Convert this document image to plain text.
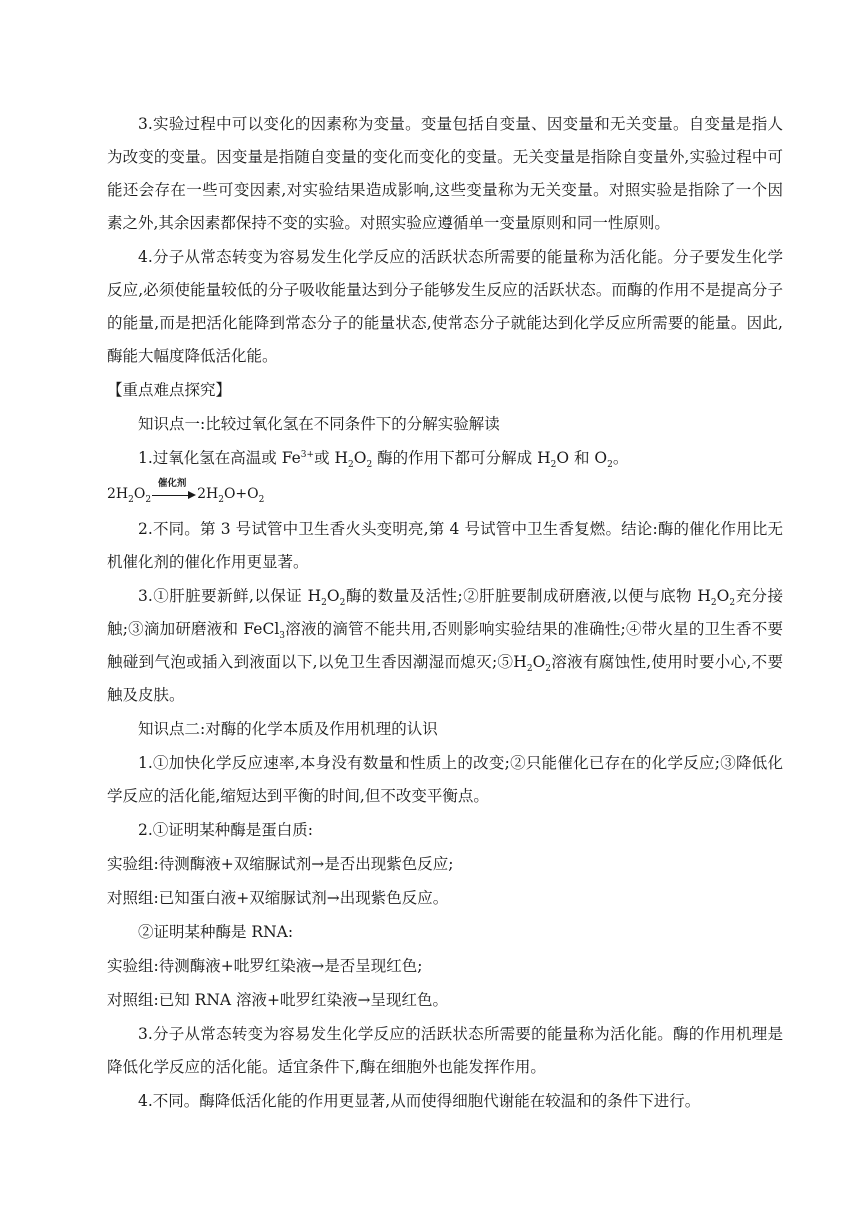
3.实验过程中可以变化的因素称为变量。变量包括自变量、因变量和无关变量。自变量是指人为改变的变量。因变量是指随自变量的变化而变化的变量。无关变量是指除自变量外,实验过程中可能还会存在一些可变因素,对实验结果造成影响,这些变量称为无关变量。对照实验是指除了一个因素之外,其余因素都保持不变的实验。对照实验应遵循单一变量原则和同一性原则。

4.分子从常态转变为容易发生化学反应的活跃状态所需要的能量称为活化能。分子要发生化学反应,必须使能量较低的分子吸收能量达到分子能够发生反应的活跃状态。而酶的作用不是提高分子的能量,而是把活化能降到常态分子的能量状态,使常态分子就能达到化学反应所需要的能量。因此,酶能大幅度降低活化能。

【重点难点探究】

知识点一:比较过氧化氢在不同条件下的分解实验解读

1.过氧化氢在高温或 $Fe^{3+}$或 $H_2O_2$ 酶的作用下都可分解成 $H_2O$ 和 $O_2$。

$2H_2O_2$
催化剂
$2H_2O+O_2$

2.不同。第 3 号试管中卫生香火头变明亮,第 4 号试管中卫生香复燃。结论:酶的催化作用比无机催化剂的催化作用更显著。

3.①肝脏要新鲜,以保证 $H_2O_2$酶的数量及活性;②肝脏要制成研磨液,以便与底物 $H_2O_2$充分接触;③滴加研磨液和 FeCl$_3$溶液的滴管不能共用,否则影响实验结果的准确性;④带火星的卫生香不要触碰到气泡或插入到液面以下,以免卫生香因潮湿而熄灭$;⑤H_2O_2$溶液有腐蚀性,使用时要小心,不要触及皮肤。

知识点二:对酶的化学本质及作用机理的认识

1.①加快化学反应速率,本身没有数量和性质上的改变;②只能催化已存在的化学反应;③降低化学反应的活化能,缩短达到平衡的时间,但不改变平衡点。

2.①证明某种酶是蛋白质:

实验组:待测酶液+双缩脲试剂→是否出现紫色反应;

对照组:已知蛋白液+双缩脲试剂→出现紫色反应。

②证明某种酶是 RNA:

实验组:待测酶液+吡罗红染液→是否呈现红色;

对照组:已知 RNA 溶液+吡罗红染液→呈现红色。

3.分子从常态转变为容易发生化学反应的活跃状态所需要的能量称为活化能。酶的作用机理是降低化学反应的活化能。适宜条件下,酶在细胞外也能发挥作用。

4.不同。酶降低活化能的作用更显著,从而使得细胞代谢能在较温和的条件下进行。
